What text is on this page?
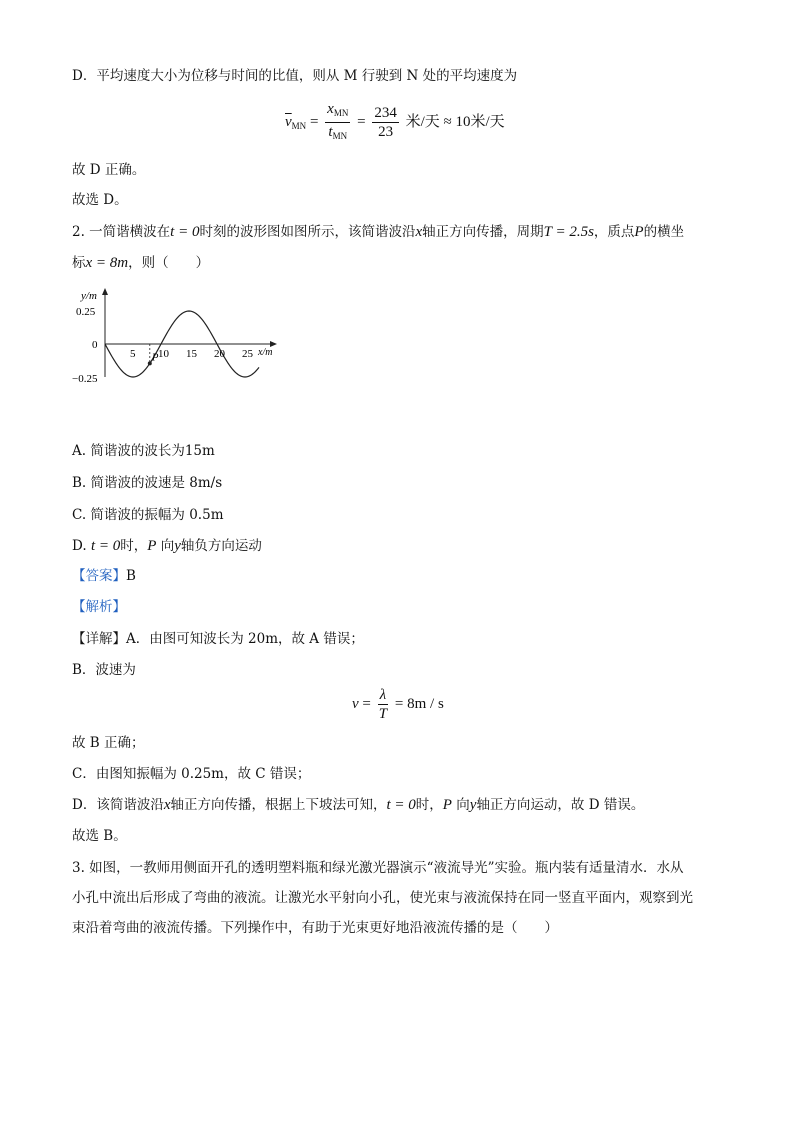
D．平均速度大小为位移与时间的比值，则从 M 行驶到 N 处的平均速度为
$\overline{v}_{MN} = \frac{x_{MN}}{t_{MN}} = \frac{234}{23}$ 米/天 ≈ 10米/天
故 D 正确。
故选 D。
2. 一简谐横波在t = 0时刻的波形图如图所示，该简谐波沿x轴正方向传播，周期T = 2.5s，质点P的横坐
标x = 8m，则（　　）
y/m
0.25
0
−0.25
5 10 15 20 25 x/m
P
A. 简谐波的波长为15m
B. 简谐波的波速是 8m/s
C. 简谐波的振幅为 0.5m
D. t = 0时，P 向y轴负方向运动
【答案】B
【解析】
【详解】A．由图可知波长为 20m，故 A 错误；
B．波速为
$v = \frac{\lambda}{T} = 8m / s$
故 B 正确；
C．由图知振幅为 0.25m，故 C 错误；
D．该简谐波沿x轴正方向传播，根据上下坡法可知，t = 0时，P 向y轴正方向运动，故 D 错误。
故选 B。
3. 如图，一教师用侧面开孔的透明塑料瓶和绿光激光器演示“液流导光”实验。瓶内装有适量清水．水从
小孔中流出后形成了弯曲的液流。让激光水平射向小孔，使光束与液流保持在同一竖直平面内，观察到光
束沿着弯曲的液流传播。下列操作中，有助于光束更好地沿液流传播的是（　　）
